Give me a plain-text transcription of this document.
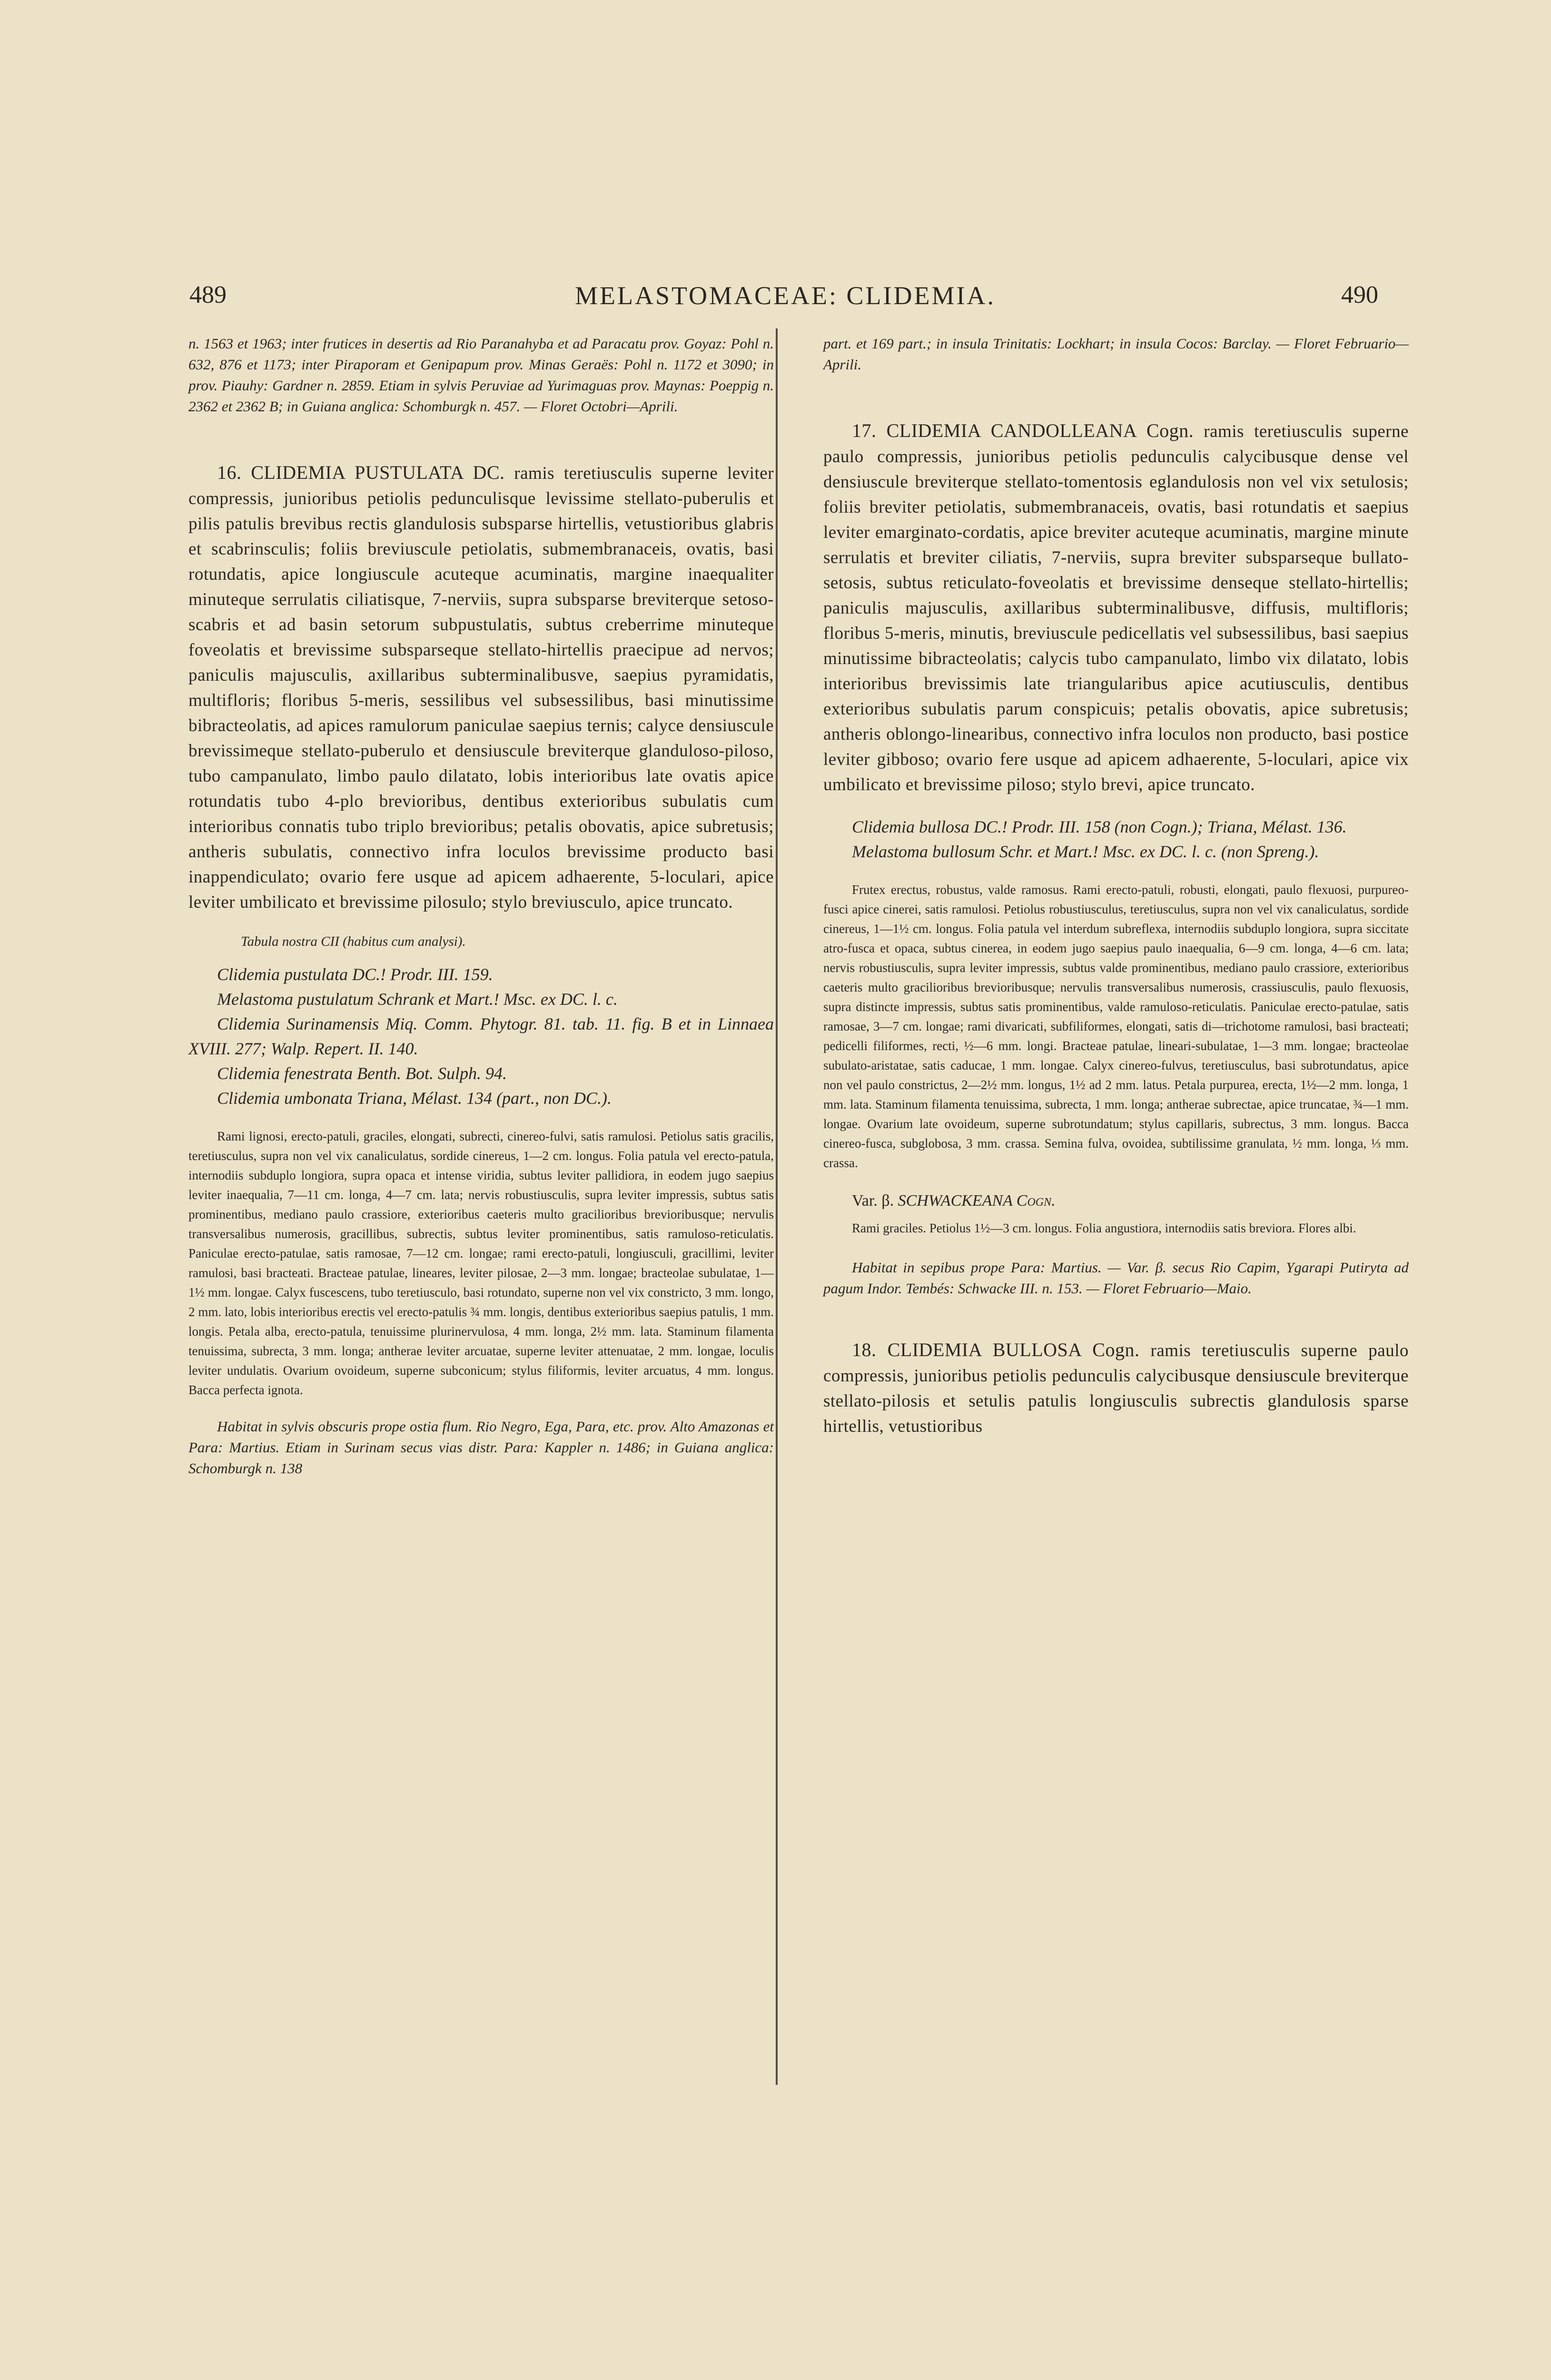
489	MELASTOMACEAE: CLIDEMIA.	490

n. 1563 et 1963; inter frutices in desertis ad Rio Paranahyba et ad Paracatu prov. Goyaz: Pohl n. 632, 876 et 1173; inter Piraporam et Genipapum prov. Minas Geraës: Pohl n. 1172 et 3090; in prov. Piauhy: Gardner n. 2859. Etiam in sylvis Peruviae ad Yurimaguas prov. Maynas: Poeppig n. 2362 et 2362 B; in Guiana anglica: Schomburgk n. 457. — Floret Octobri—Aprili.

16. CLIDEMIA PUSTULATA DC. ramis teretiusculis superne leviter compressis, junioribus petiolis pedunculisque levissime stellato-puberulis et pilis patulis brevibus rectis glandulosis subsparse hirtellis, vetustioribus glabris et scabrinsculis; foliis breviuscule petiolatis, submembranaceis, ovatis, basi rotundatis, apice longiuscule acuteque acuminatis, margine inaequaliter minuteque serrulatis ciliatisque, 7-nerviis, supra subsparse breviterque setoso-scabris et ad basin setorum subpustulatis, subtus creberrime minuteque foveolatis et brevissime subsparseque stellato-hirtellis praecipue ad nervos; paniculis majusculis, axillaribus subterminalibusve, saepius pyramidatis, multifloris; floribus 5-meris, sessilibus vel subsessilibus, basi minutissime bibracteolatis, ad apices ramulorum paniculae saepius ternis; calyce densiuscule brevissimeque stellato-puberulo et densiuscule breviterque glanduloso-piloso, tubo campanulato, limbo paulo dilatato, lobis interioribus late ovatis apice rotundatis tubo 4-plo brevioribus, dentibus exterioribus subulatis cum interioribus connatis tubo triplo brevioribus; petalis obovatis, apice subretusis; antheris subulatis, connectivo infra loculos brevissime producto basi inappendiculato; ovario fere usque ad apicem adhaerente, 5-loculari, apice leviter umbilicato et brevissime pilosulo; stylo breviusculo, apice truncato.

Tabula nostra CII (habitus cum analysi).

Clidemia pustulata DC.! Prodr. III. 159.

Melastoma pustulatum Schrank et Mart.! Msc. ex DC. l. c.

Clidemia Surinamensis Miq. Comm. Phytogr. 81. tab. 11. fig. B et in Linnaea XVIII. 277; Walp. Repert. II. 140.

Clidemia fenestrata Benth. Bot. Sulph. 94.

Clidemia umbonata Triana, Mélast. 134 (part., non DC.).

Rami lignosi, erecto-patuli, graciles, elongati, subrecti, cinereo-fulvi, satis ramulosi. Petiolus satis gracilis, teretiusculus, supra non vel vix canaliculatus, sordide cinereus, 1—2 cm. longus. Folia patula vel erecto-patula, internodiis subduplo longiora, supra opaca et intense viridia, subtus leviter pallidiora, in eodem jugo saepius leviter inaequalia, 7—11 cm. longa, 4—7 cm. lata; nervis robustiusculis, supra leviter impressis, subtus satis prominentibus, mediano paulo crassiore, exterioribus caeteris multo gracilioribus brevioribusque; nervulis transversalibus numerosis, gracillibus, subrectis, subtus leviter prominentibus, satis ramuloso-reticulatis. Paniculae erecto-patulae, satis ramosae, 7—12 cm. longae; rami erecto-patuli, longiusculi, gracillimi, leviter ramulosi, basi bracteati. Bracteae patulae, lineares, leviter pilosae, 2—3 mm. longae; bracteolae subulatae, 1—1½ mm. longae. Calyx fuscescens, tubo teretiusculo, basi rotundato, superne non vel vix constricto, 3 mm. longo, 2 mm. lato, lobis interioribus erectis vel erecto-patulis ¾ mm. longis, dentibus exterioribus saepius patulis, 1 mm. longis. Petala alba, erecto-patula, tenuissime plurinervulosa, 4 mm. longa, 2½ mm. lata. Staminum filamenta tenuissima, subrecta, 3 mm. longa; antherae leviter arcuatae, superne leviter attenuatae, 2 mm. longae, loculis leviter undulatis. Ovarium ovoideum, superne subconicum; stylus filiformis, leviter arcuatus, 4 mm. longus. Bacca perfecta ignota.

Habitat in sylvis obscuris prope ostia flum. Rio Negro, Ega, Para, etc. prov. Alto Amazonas et Para: Martius. Etiam in Surinam secus vias distr. Para: Kappler n. 1486; in Guiana anglica: Schomburgk n. 138

part. et 169 part.; in insula Trinitatis: Lockhart; in insula Cocos: Barclay. — Floret Februario—Aprili.

17. CLIDEMIA CANDOLLEANA Cogn. ramis teretiusculis superne paulo compressis, junioribus petiolis pedunculis calycibusque dense vel densiuscule breviterque stellato-tomentosis eglandulosis non vel vix setulosis; foliis breviter petiolatis, submembranaceis, ovatis, basi rotundatis et saepius leviter emarginato-cordatis, apice breviter acuteque acuminatis, margine minute serrulatis et breviter ciliatis, 7-nerviis, supra breviter subsparseque bullato-setosis, subtus reticulato-foveolatis et brevissime denseque stellato-hirtellis; paniculis majusculis, axillaribus subterminalibusve, diffusis, multifloris; floribus 5-meris, minutis, breviuscule pedicellatis vel subsessilibus, basi saepius minutissime bibracteolatis; calycis tubo campanulato, limbo vix dilatato, lobis interioribus brevissimis late triangularibus apice acutiusculis, dentibus exterioribus subulatis parum conspicuis; petalis obovatis, apice subretusis; antheris oblongo-linearibus, connectivo infra loculos non producto, basi postice leviter gibboso; ovario fere usque ad apicem adhaerente, 5-loculari, apice vix umbilicato et brevissime piloso; stylo brevi, apice truncato.

Clidemia bullosa DC.! Prodr. III. 158 (non Cogn.); Triana, Mélast. 136.

Melastoma bullosum Schr. et Mart.! Msc. ex DC. l. c. (non Spreng.).

Frutex erectus, robustus, valde ramosus. Rami erecto-patuli, robusti, elongati, paulo flexuosi, purpureo-fusci apice cinerei, satis ramulosi. Petiolus robustiusculus, teretiusculus, supra non vel vix canaliculatus, sordide cinereus, 1—1½ cm. longus. Folia patula vel interdum subreflexa, internodiis subduplo longiora, supra siccitate atro-fusca et opaca, subtus cinerea, in eodem jugo saepius paulo inaequalia, 6—9 cm. longa, 4—6 cm. lata; nervis robustiusculis, supra leviter impressis, subtus valde prominentibus, mediano paulo crassiore, exterioribus caeteris multo gracilioribus brevioribusque; nervulis transversalibus numerosis, crassiusculis, paulo flexuosis, supra distincte impressis, subtus satis prominentibus, valde ramuloso-reticulatis. Paniculae erecto-patulae, satis ramosae, 3—7 cm. longae; rami divaricati, subfiliformes, elongati, satis di—trichotome ramulosi, basi bracteati; pedicelli filiformes, recti, ½—6 mm. longi. Bracteae patulae, lineari-subulatae, 1—3 mm. longae; bracteolae subulato-aristatae, satis caducae, 1 mm. longae. Calyx cinereo-fulvus, teretiusculus, basi subrotundatus, apice non vel paulo constrictus, 2—2½ mm. longus, 1½ ad 2 mm. latus. Petala purpurea, erecta, 1½—2 mm. longa, 1 mm. lata. Staminum filamenta tenuissima, subrecta, 1 mm. longa; antherae subrectae, apice truncatae, ¾—1 mm. longae. Ovarium late ovoideum, superne subrotundatum; stylus capillaris, subrectus, 3 mm. longus. Bacca cinereo-fusca, subglobosa, 3 mm. crassa. Semina fulva, ovoidea, subtilissime granulata, ½ mm. longa, ⅓ mm. crassa.

Var. β. SCHWACKEANA Cogn.

Rami graciles. Petiolus 1½—3 cm. longus. Folia angustiora, internodiis satis breviora. Flores albi.

Habitat in sepibus prope Para: Martius. — Var. β. secus Rio Capim, Ygarapi Putiryta ad pagum Indor. Tembés: Schwacke III. n. 153. — Floret Februario—Maio.

18. CLIDEMIA BULLOSA Cogn. ramis teretiusculis superne paulo compressis, junioribus petiolis pedunculis calycibusque densiuscule breviterque stellato-pilosis et setulis patulis longiusculis subrectis glandulosis sparse hirtellis, vetustioribus
